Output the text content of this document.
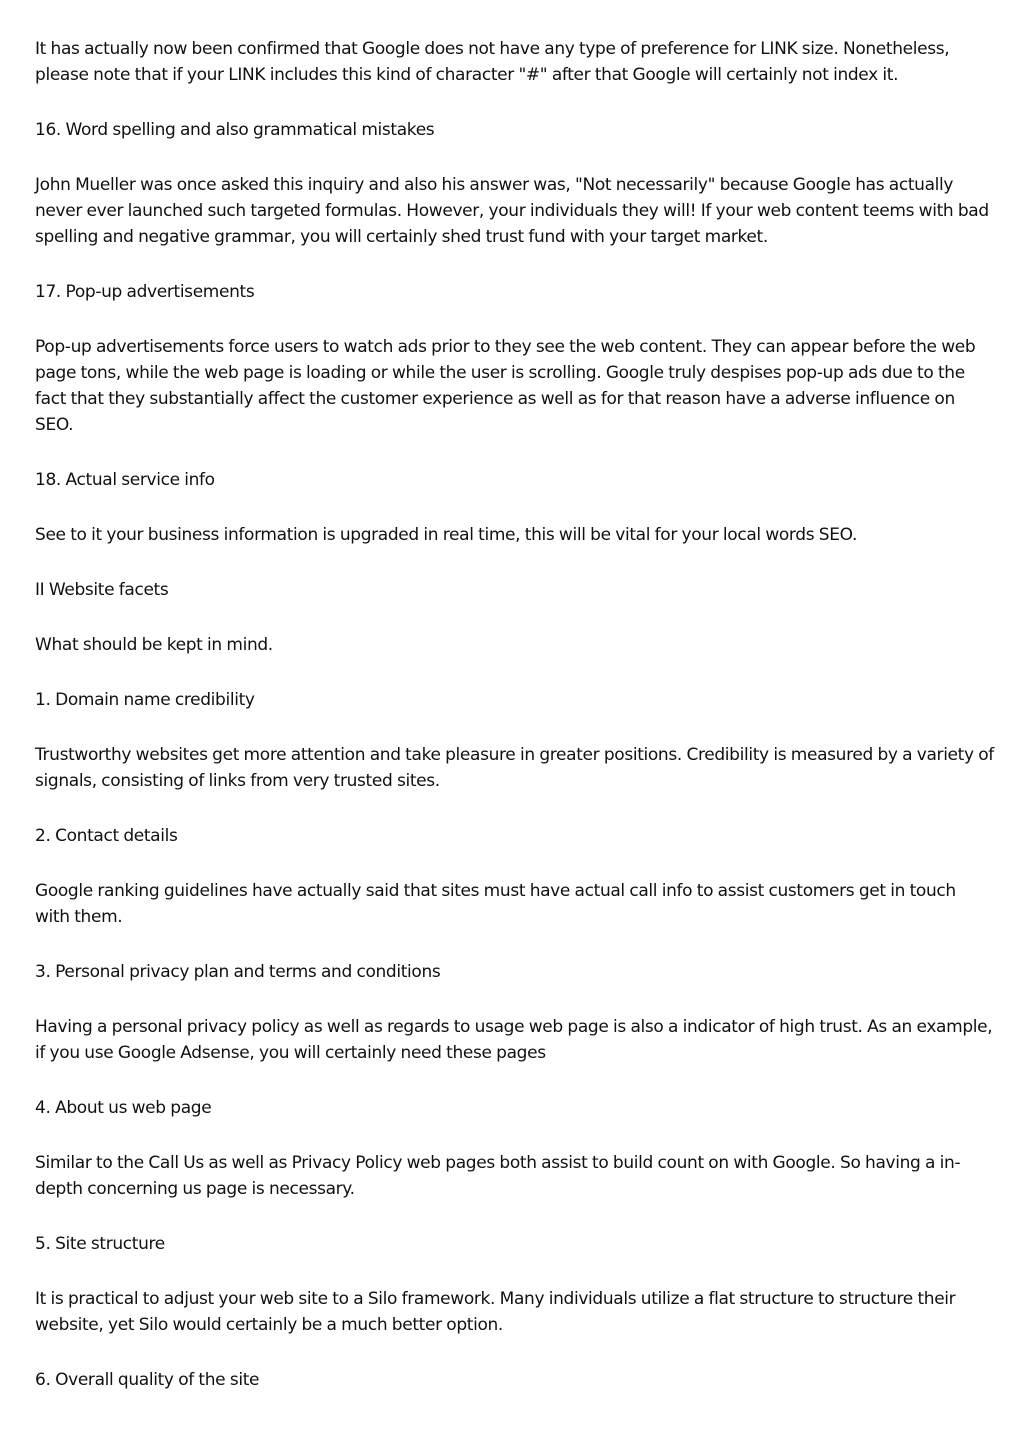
It has actually now been confirmed that Google does not have any type of preference for LINK size. Nonetheless, please note that if your LINK includes this kind of character "#" after that Google will certainly not index it.

16. Word spelling and also grammatical mistakes

John Mueller was once asked this inquiry and also his answer was, "Not necessarily" because Google has actually never ever launched such targeted formulas. However, your individuals they will! If your web content teems with bad spelling and negative grammar, you will certainly shed trust fund with your target market.

17. Pop-up advertisements

Pop-up advertisements force users to watch ads prior to they see the web content. They can appear before the web page tons, while the web page is loading or while the user is scrolling. Google truly despises pop-up ads due to the fact that they substantially affect the customer experience as well as for that reason have a adverse influence on SEO.

18. Actual service info

See to it your business information is upgraded in real time, this will be vital for your local words SEO.

II Website facets

What should be kept in mind.

1. Domain name credibility

Trustworthy websites get more attention and take pleasure in greater positions. Credibility is measured by a variety of signals, consisting of links from very trusted sites.

2. Contact details

Google ranking guidelines have actually said that sites must have actual call info to assist customers get in touch with them.

3. Personal privacy plan and terms and conditions

Having a personal privacy policy as well as regards to usage web page is also a indicator of high trust. As an example, if you use Google Adsense, you will certainly need these pages

4. About us web page

Similar to the Call Us as well as Privacy Policy web pages both assist to build count on with Google. So having a in-depth concerning us page is necessary.

5. Site structure

It is practical to adjust your web site to a Silo framework. Many individuals utilize a flat structure to structure their website, yet Silo would certainly be a much better option.

6. Overall quality of the site
